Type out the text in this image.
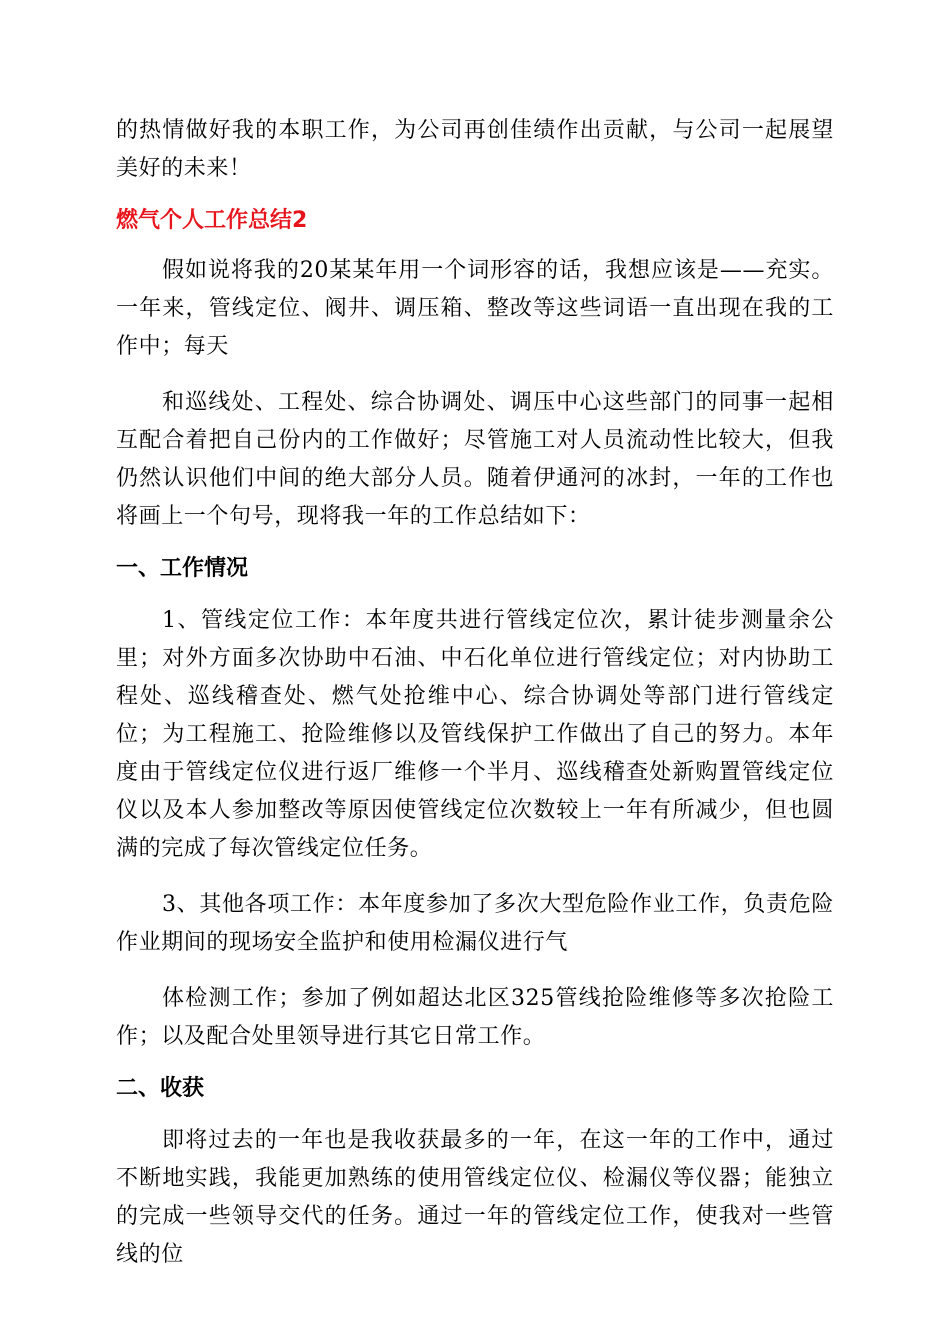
的热情做好我的本职工作，为公司再创佳绩作出贡献，与公司一起展望美好的未来！

燃气个人工作总结2

假如说将我的20某某年用一个词形容的话，我想应该是——充实。一年来，管线定位、阀井、调压箱、整改等这些词语一直出现在我的工作中；每天

和巡线处、工程处、综合协调处、调压中心这些部门的同事一起相互配合着把自己份内的工作做好；尽管施工对人员流动性比较大，但我仍然认识他们中间的绝大部分人员。随着伊通河的冰封，一年的工作也将画上一个句号，现将我一年的工作总结如下：

一、工作情况

1、管线定位工作：本年度共进行管线定位次，累计徒步测量余公里；对外方面多次协助中石油、中石化单位进行管线定位；对内协助工程处、巡线稽查处、燃气处抢维中心、综合协调处等部门进行管线定位；为工程施工、抢险维修以及管线保护工作做出了自己的努力。本年度由于管线定位仪进行返厂维修一个半月、巡线稽查处新购置管线定位仪以及本人参加整改等原因使管线定位次数较上一年有所减少，但也圆满的完成了每次管线定位任务。

3、其他各项工作：本年度参加了多次大型危险作业工作，负责危险作业期间的现场安全监护和使用检漏仪进行气

体检测工作；参加了例如超达北区325管线抢险维修等多次抢险工作；以及配合处里领导进行其它日常工作。

二、收获

即将过去的一年也是我收获最多的一年，在这一年的工作中，通过不断地实践，我能更加熟练的使用管线定位仪、检漏仪等仪器；能独立的完成一些领导交代的任务。通过一年的管线定位工作，使我对一些管线的位
